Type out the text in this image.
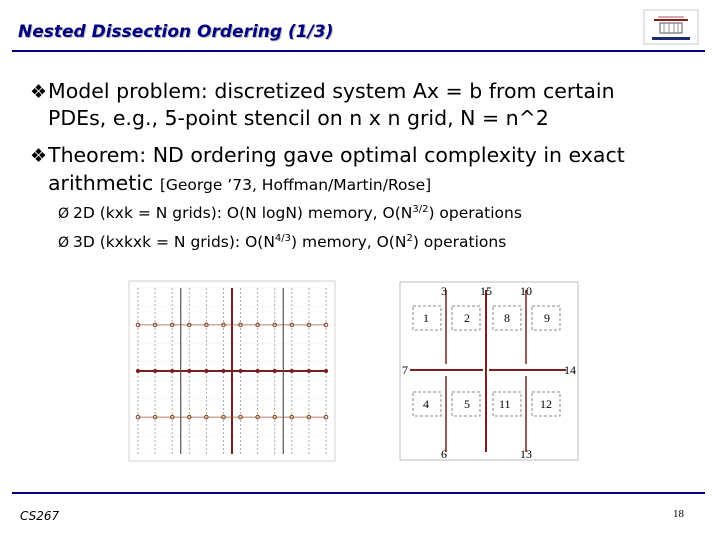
Nested Dissection Ordering (1/3)
❖Model problem: discretized system Ax = b from certain
PDEs, e.g., 5-point stencil on n x n grid, N = n^2
❖Theorem: ND ordering gave optimal complexity in exact
arithmetic [George ’73, Hoffman/Martin/Rose]
Ø 2D (kxk = N grids): O(N logN) memory, $O(N^{3/2})$ operations
Ø 3D (kxkxk = N grids): $O(N^{4/3})$ memory, $O(N^2)$ operations
1	2
3
4	5
6
7
8	9
10
11 12
13
14
15
CS267	18
